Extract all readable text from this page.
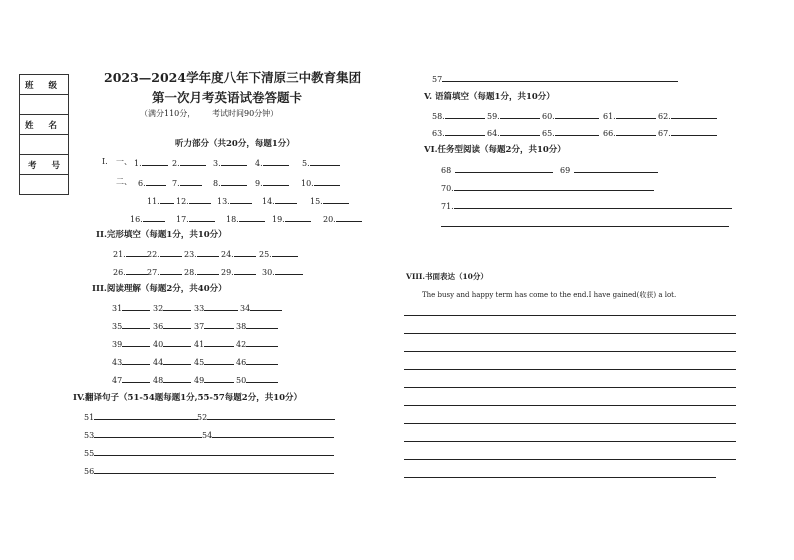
班 级

姓 名

考 号

2023—2024学年度八年下清原三中教育集团
第一次月考英语试卷答题卡
（满分110分， 考试时间90分钟）
听力部分（共20分，每题1分）
I. 一、
二、
1.	2.	3.	4.	5.
6.	7.	8.	9.	10.
11.	12.	13.	14.	15.
16.	17.	18.	19.	20.
II.完形填空（每题1分，共10分）
21.	22.	23.	24.	25.
26.	27.	28.	29.	30.
III.阅读理解（每题2分，共40分）
31	32	33	34
35	36	37	38
39	40	41	42
43	44	45	46
47	48	49	50
IV.翻译句子（51-54题每题1分,55-57每题2分，共10分）
51	52
53	54
55
56
57
V. 语篇填空（每题1分，共10分）
58.	59.	60.	61.	62.
63.	64.	65.	66.	67.
VI.任务型阅读（每题2分，共10分）
68	69
70.
71.
VIII.书面表达（10分）
The busy and happy term has come to the end.I have gained(收获) a lot.
